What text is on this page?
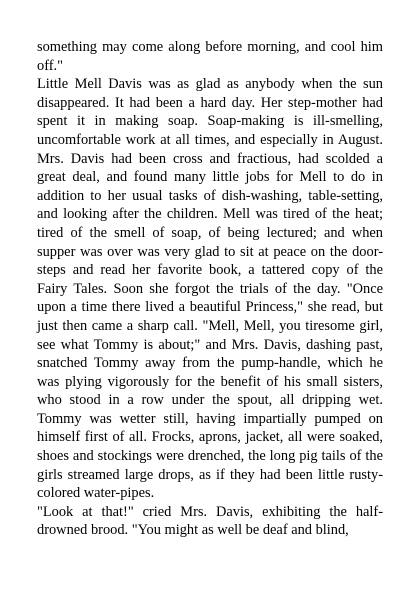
something may come along before morning, and cool him off."

Little Mell Davis was as glad as anybody when the sun disappeared. It had been a hard day. Her step-mother had spent it in making soap. Soap-making is ill-smelling, uncomfortable work at all times, and especially in August. Mrs. Davis had been cross and fractious, had scolded a great deal, and found many little jobs for Mell to do in addition to her usual tasks of dish-washing, table-setting, and looking after the children. Mell was tired of the heat; tired of the smell of soap, of being lectured; and when supper was over was very glad to sit at peace on the door-steps and read her favorite book, a tattered copy of the Fairy Tales. Soon she forgot the trials of the day. "Once upon a time there lived a beautiful Princess," she read, but just then came a sharp call. "Mell, Mell, you tiresome girl, see what Tommy is about;" and Mrs. Davis, dashing past, snatched Tommy away from the pump-handle, which he was plying vigorously for the benefit of his small sisters, who stood in a row under the spout, all dripping wet. Tommy was wetter still, having impartially pumped on himself first of all. Frocks, aprons, jacket, all were soaked, shoes and stockings were drenched, the long pig tails of the girls streamed large drops, as if they had been little rusty-colored water-pipes.

"Look at that!" cried Mrs. Davis, exhibiting the half-drowned brood. "You might as well be deaf and blind,
